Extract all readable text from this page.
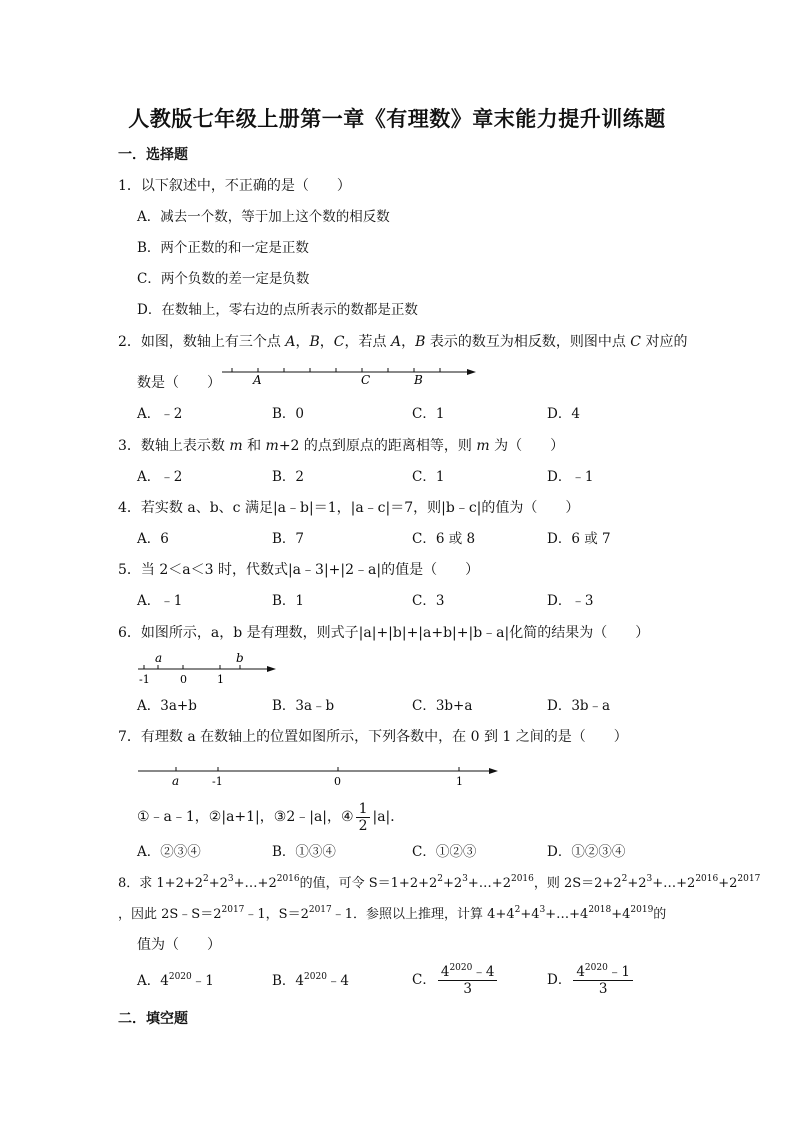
人教版七年级上册第一章《有理数》章末能力提升训练题
一．选择题
1．以下叙述中，不正确的是（　　）
A．减去一个数，等于加上这个数的相反数
B．两个正数的和一定是正数
C．两个负数的差一定是负数
D．在数轴上，零右边的点所表示的数都是正数
2．如图，数轴上有三个点 A，B，C，若点 A，B 表示的数互为相反数，则图中点 C 对应的
数是（　　）	A	C	B
A．﹣2	B．0	C．1	D．4
3．数轴上表示数 m 和 m+2 的点到原点的距离相等，则 m 为（　　）
A．﹣2	B．2	C．1	D．﹣1
4．若实数 a、b、c 满足|a﹣b|＝1，|a﹣c|＝7，则|b﹣c|的值为（　　）
A．6	B．7	C．6 或 8	D．6 或 7
5．当 2＜a＜3 时，代数式|a﹣3|+|2﹣a|的值是（　　）
A．﹣1	B．1	C．3	D．﹣3
6．如图所示，a，b 是有理数，则式子|a|+|b|+|a+b|+|b﹣a|化简的结果为（　　）
a	b
-1	0	1
A．3a+b	B．3a﹣b	C．3b+a	D．3b﹣a
7．有理数 a 在数轴上的位置如图所示，下列各数中，在 0 到 1 之间的是（　　）
a	-1	0	1
①﹣a﹣1，②|a+1|，③2﹣|a|，④ $\frac{1}{2} |a|$．
A．②③④	B．①③④	C．①②③	D．①②③④
8．求 $1+2+2^2+2^3+\dots+2^{2016}$的值，可令 $S=1+2+2^2+2^3+\dots+2^{2016}$，则 $2S=2+2^2+2^3+\dots+2^{2016}+2^{2017}$
，因此 $2S﹣S=2^{2017}﹣1$，$S=2^{2017}﹣1$．参照以上推理，计算 $4+4^2+4^3+\dots+4^{2018}+4^{2019}$的
值为（　　）
A．$4^{2020}﹣1$	B．$4^{2020}﹣4$	C． $\frac{4^{2020}﹣4}{3}$	D． $\frac{4^{2020}﹣1}{3}$
二．填空题
